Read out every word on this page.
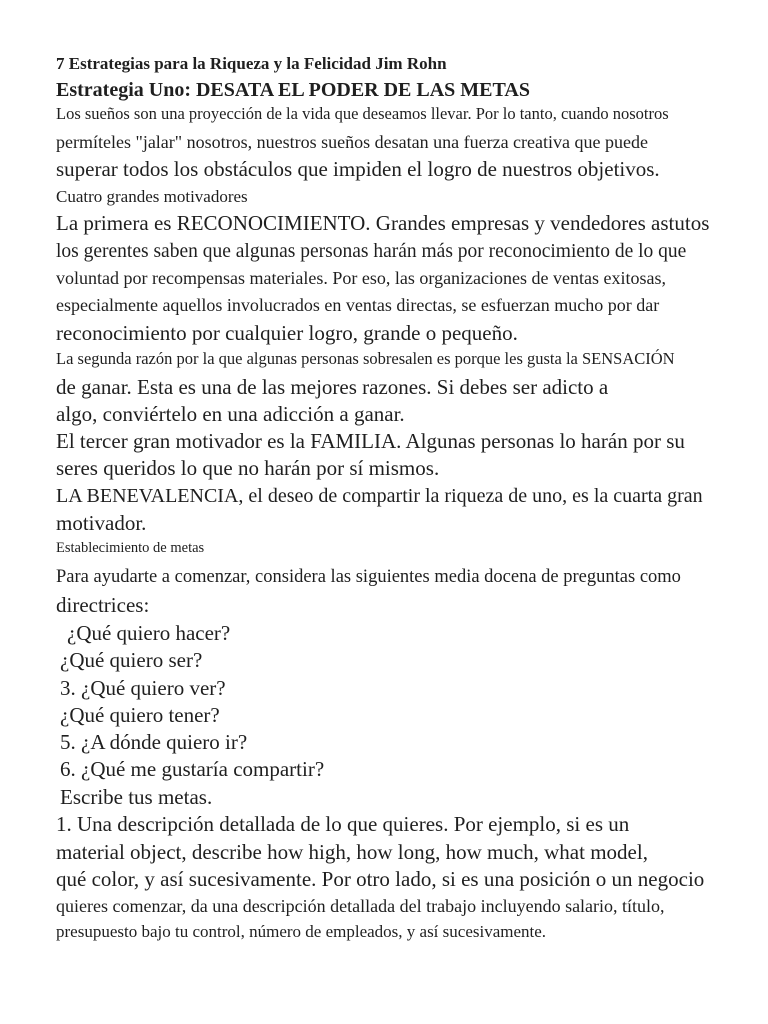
7 Estrategias para la Riqueza y la Felicidad Jim Rohn
Estrategia Uno: DESATA EL PODER DE LAS METAS
Los sueños son una proyección de la vida que deseamos llevar. Por lo tanto, cuando nosotros
permíteles "jalar" nosotros, nuestros sueños desatan una fuerza creativa que puede
superar todos los obstáculos que impiden el logro de nuestros objetivos.
Cuatro grandes motivadores
La primera es RECONOCIMIENTO. Grandes empresas y vendedores astutos
los gerentes saben que algunas personas harán más por reconocimiento de lo que
voluntad por recompensas materiales. Por eso, las organizaciones de ventas exitosas,
especialmente aquellos involucrados en ventas directas, se esfuerzan mucho por dar
reconocimiento por cualquier logro, grande o pequeño.
La segunda razón por la que algunas personas sobresalen es porque les gusta la SENSACIÓN
de ganar. Esta es una de las mejores razones. Si debes ser adicto a
algo, conviértelo en una adicción a ganar.
El tercer gran motivador es la FAMILIA. Algunas personas lo harán por su
seres queridos lo que no harán por sí mismos.
LA BENEVALENCIA, el deseo de compartir la riqueza de uno, es la cuarta gran
motivador.
Establecimiento de metas
Para ayudarte a comenzar, considera las siguientes media docena de preguntas como
directrices:
¿Qué quiero hacer?
¿Qué quiero ser?
3. ¿Qué quiero ver?
¿Qué quiero tener?
5. ¿A dónde quiero ir?
6. ¿Qué me gustaría compartir?
Escribe tus metas.
1. Una descripción detallada de lo que quieres. Por ejemplo, si es un
material object, describe how high, how long, how much, what model,
qué color, y así sucesivamente. Por otro lado, si es una posición o un negocio
quieres comenzar, da una descripción detallada del trabajo incluyendo salario, título,
presupuesto bajo tu control, número de empleados, y así sucesivamente.
